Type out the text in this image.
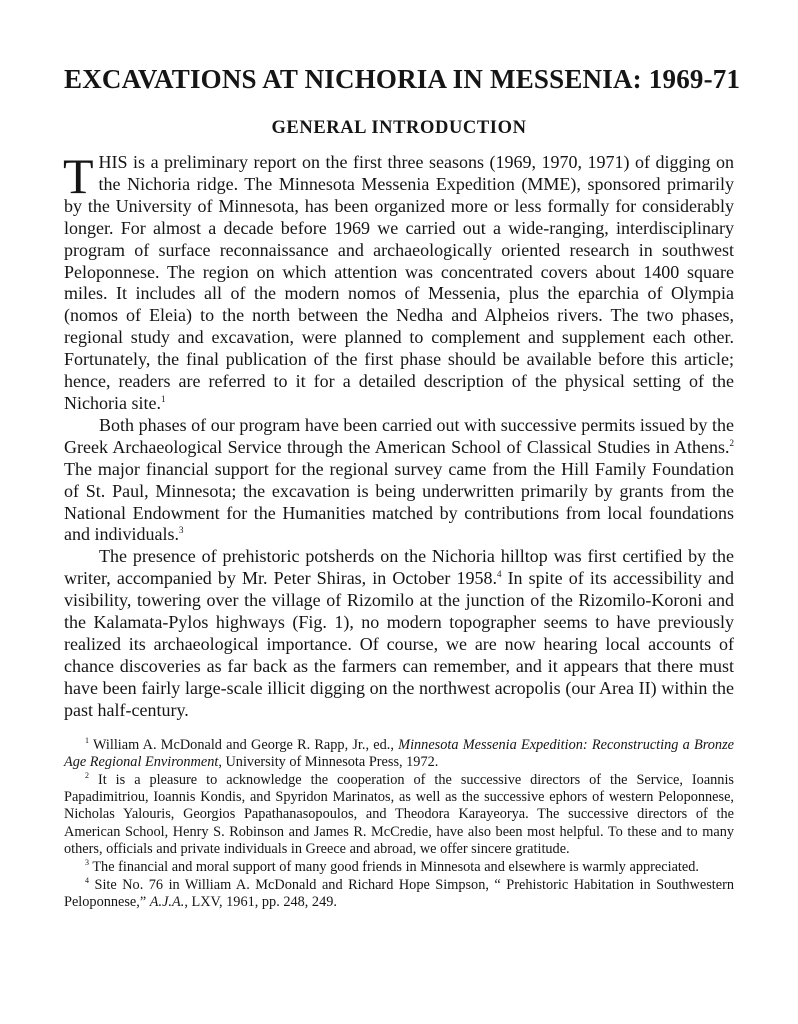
EXCAVATIONS AT NICHORIA IN MESSENIA: 1969-71
GENERAL INTRODUCTION

THIS is a preliminary report on the first three seasons (1969, 1970, 1971) of digging on the Nichoria ridge. The Minnesota Messenia Expedition (MME), sponsored primarily by the University of Minnesota, has been organized more or less formally for considerably longer. For almost a decade before 1969 we carried out a wide-ranging, interdisciplinary program of surface reconnaissance and archaeologically oriented research in southwest Peloponnese. The region on which attention was concentrated covers about 1400 square miles. It includes all of the modern nomos of Messenia, plus the eparchia of Olympia (nomos of Eleia) to the north between the Nedha and Alpheios rivers. The two phases, regional study and excavation, were planned to complement and supplement each other. Fortunately, the final publication of the first phase should be available before this article; hence, readers are referred to it for a detailed description of the physical setting of the Nichoria site.$^1$

Both phases of our program have been carried out with successive permits issued by the Greek Archaeological Service through the American School of Classical Studies in Athens.$^2$ The major financial support for the regional survey came from the Hill Family Foundation of St. Paul, Minnesota; the excavation is being underwritten primarily by grants from the National Endowment for the Humanities matched by contributions from local foundations and individuals.$^3$

The presence of prehistoric potsherds on the Nichoria hilltop was first certified by the writer, accompanied by Mr. Peter Shiras, in October 1958.$^4$ In spite of its accessibility and visibility, towering over the village of Rizomilo at the junction of the Rizomilo-Koroni and the Kalamata-Pylos highways (Fig. 1), no modern topographer seems to have previously realized its archaeological importance. Of course, we are now hearing local accounts of chance discoveries as far back as the farmers can remember, and it appears that there must have been fairly large-scale illicit digging on the northwest acropolis (our Area II) within the past half-century.

$^1$ William A. McDonald and George R. Rapp, Jr., ed., Minnesota Messenia Expedition: Reconstructing a Bronze Age Regional Environment, University of Minnesota Press, 1972.

$^2$ It is a pleasure to acknowledge the cooperation of the successive directors of the Service, Ioannis Papadimitriou, Ioannis Kondis, and Spyridon Marinatos, as well as the successive ephors of western Peloponnese, Nicholas Yalouris, Georgios Papathanasopoulos, and Theodora Karayeorya. The successive directors of the American School, Henry S. Robinson and James R. McCredie, have also been most helpful. To these and to many others, officials and private individuals in Greece and abroad, we offer sincere gratitude.

$^3$ The financial and moral support of many good friends in Minnesota and elsewhere is warmly appreciated.

$^4$ Site No. 76 in William A. McDonald and Richard Hope Simpson, “ Prehistoric Habitation in Southwestern Peloponnese,” A.J.A., LXV, 1961, pp. 248, 249.
